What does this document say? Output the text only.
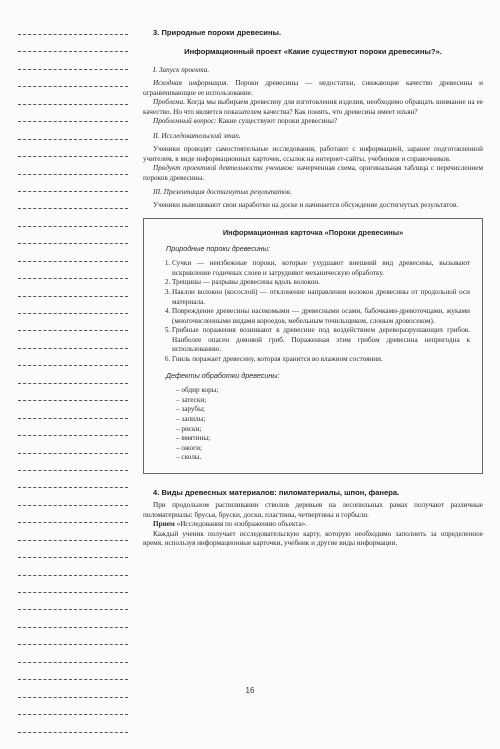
3. Природные пороки древесины.
Информационный проект «Какие существуют пороки древесины?».
I. Запуск проекта.

Исходная информация. Пороки древесины — недостатки, снижающие качество древесины и ограничивающие ее использование.

Проблема. Когда мы выбираем древесину для изготовления изделия, необходимо обращать внимание на ее качество. Но что является показателем качества? Как понять, что древесина имеет изъян?

Проблемный вопрос: Какие существуют пороки древесины?

II. Исследовательский этап.

Ученики проводят самостоятельные исследования, работают с информацией, заранее подготовленной учителем, в виде информационных карточек, ссылок на интернет-сайты, учебников и справочников.

Продукт проектной деятельности учеников: начерченная схема, оригинальная таблица с перечислением пороков древесины.

III. Презентация достигнутых результатов.

Ученики вывешивают свои наработки на доске и начинается обсуждение достигнутых результатов.

Информационная карточка «Пороки древесины»
Природные пороки древесины:
1. Сучки — неизбежные пороки, которые ухудшают внешний вид древесины, вызывают искривление годичных слоев и затрудняют механическую обработку.
2. Трещины — разрывы древесины вдоль волокон.
3. Наклон волокон (косослой) — отклонение направления волокон древесины от продольной оси материала.
4. Повреждение древесины насекомыми — древесными осами, бабочками-древоточцами, жуками (многочисленными видами короедов, мебельным точильщиком, слоным дровосеком).
5. Грибные поражения возникают в древесине под воздействием дереворазрушающих грибов. Наиболее опасен домовой гриб. Пораженная этим грибом древесина непригодна к использованию.
6. Гниль поражает древесину, которая хранится во влажном состоянии.
Дефекты обработки древесины:
– обдир коры;
– затески;
– зарубы;
– запилы;
– риски;
– вмятины;
– ожоги;
– сколы.
4. Виды древесных материалов: пиломатериалы, шпон, фанера.

При продольном распиливании стволов деревьев на лесопильных рамах получают различные пиломатериалы: брусья, бруски, доски, пластины, четвертины и горбыли.

Прием «Исследования по изображению объекта».

Каждый ученик получает исследовательскую карту, которую необходимо заполнить за определенное время, используя информационные карточки, учебник и другие виды информации.

16
